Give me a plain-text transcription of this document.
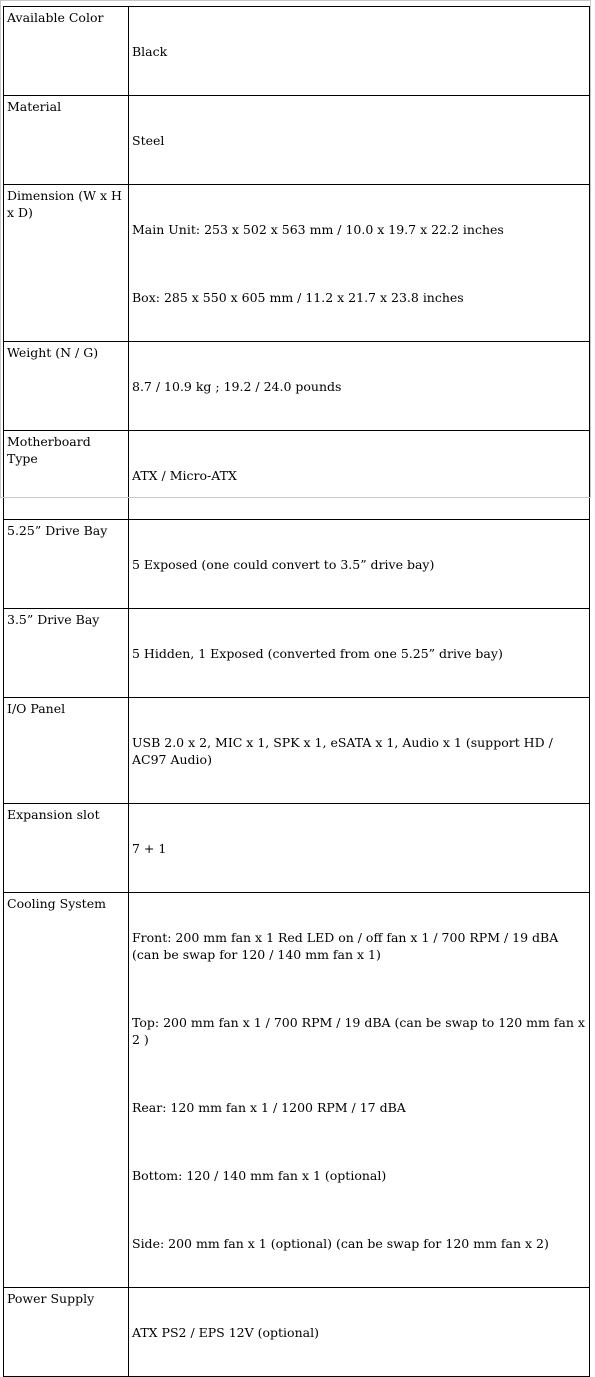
Available Color	Black

Material	Steel

Dimension (W x H x D)	Main Unit: 253 x 502 x 563 mm / 10.0 x 19.7 x 22.2 inches

Box: 285 x 550 x 605 mm / 11.2 x 21.7 x 23.8 inches

Weight (N / G)	8.7 / 10.9 kg ; 19.2 / 24.0 pounds

Motherboard Type	ATX / Micro-ATX

5.25” Drive Bay	5 Exposed (one could convert to 3.5” drive bay)

3.5” Drive Bay	5 Hidden, 1 Exposed (converted from one 5.25” drive bay)

I/O Panel	USB 2.0 x 2, MIC x 1, SPK x 1, eSATA x 1, Audio x 1 (support HD / AC97 Audio)

Expansion slot	7 + 1

Cooling System	Front: 200 mm fan x 1 Red LED on / off fan x 1 / 700 RPM / 19 dBA (can be swap for 120 / 140 mm fan x 1)

Top: 200 mm fan x 1 / 700 RPM / 19 dBA (can be swap to 120 mm fan x 2 )

Rear: 120 mm fan x 1 / 1200 RPM / 17 dBA

Bottom: 120 / 140 mm fan x 1 (optional)

Side: 200 mm fan x 1 (optional) (can be swap for 120 mm fan x 2)

Power Supply	ATX PS2 / EPS 12V (optional)
